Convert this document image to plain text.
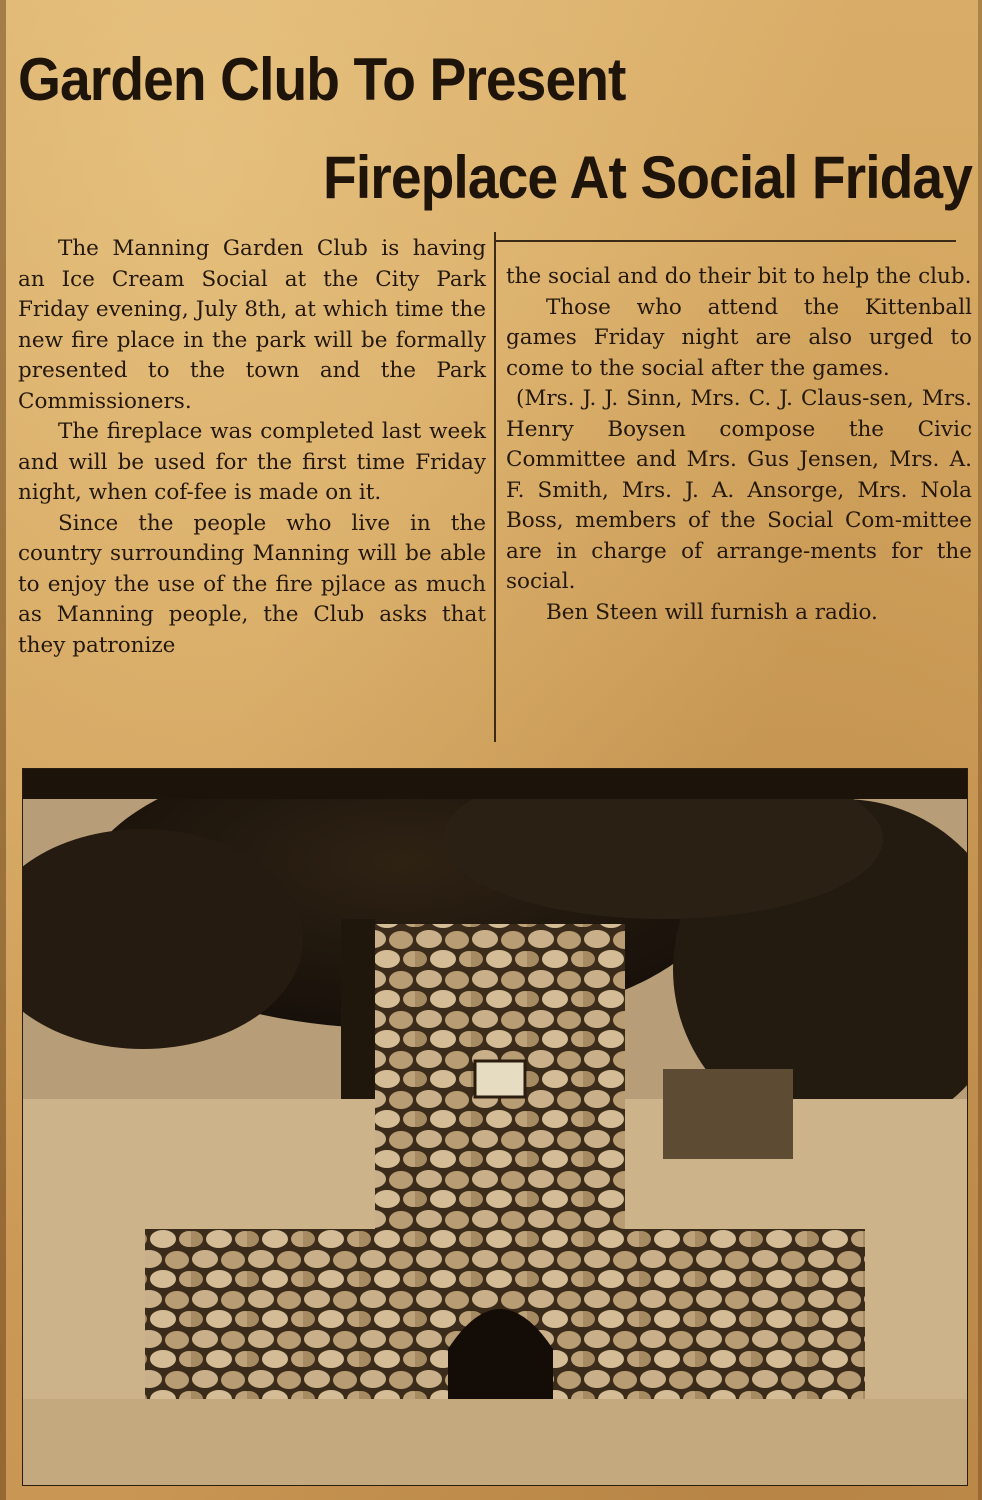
Garden Club To Present
Fireplace At Social Friday

The Manning Garden Club is having an Ice Cream Social at the City Park Friday evening, July 8th, at which time the new fire place in the park will be formally presented to the town and the Park Commissioners.

The fireplace was completed last week and will be used for the first time Friday night, when cof-fee is made on it.

Since the people who live in the country surrounding Manning will be able to enjoy the use of the fire pjlace as much as Manning people, the Club asks that they patronize

the social and do their bit to help the club.

Those who attend the Kittenball games Friday night are also urged to come to the social after the games.

(Mrs. J. J. Sinn, Mrs. C. J. Claus-sen, Mrs. Henry Boysen compose the Civic Committee and Mrs. Gus Jensen, Mrs. A. F. Smith, Mrs. J. A. Ansorge, Mrs. Nola Boss, members of the Social Com-mittee are in charge of arrange-ments for the social.

Ben Steen will furnish a radio.
